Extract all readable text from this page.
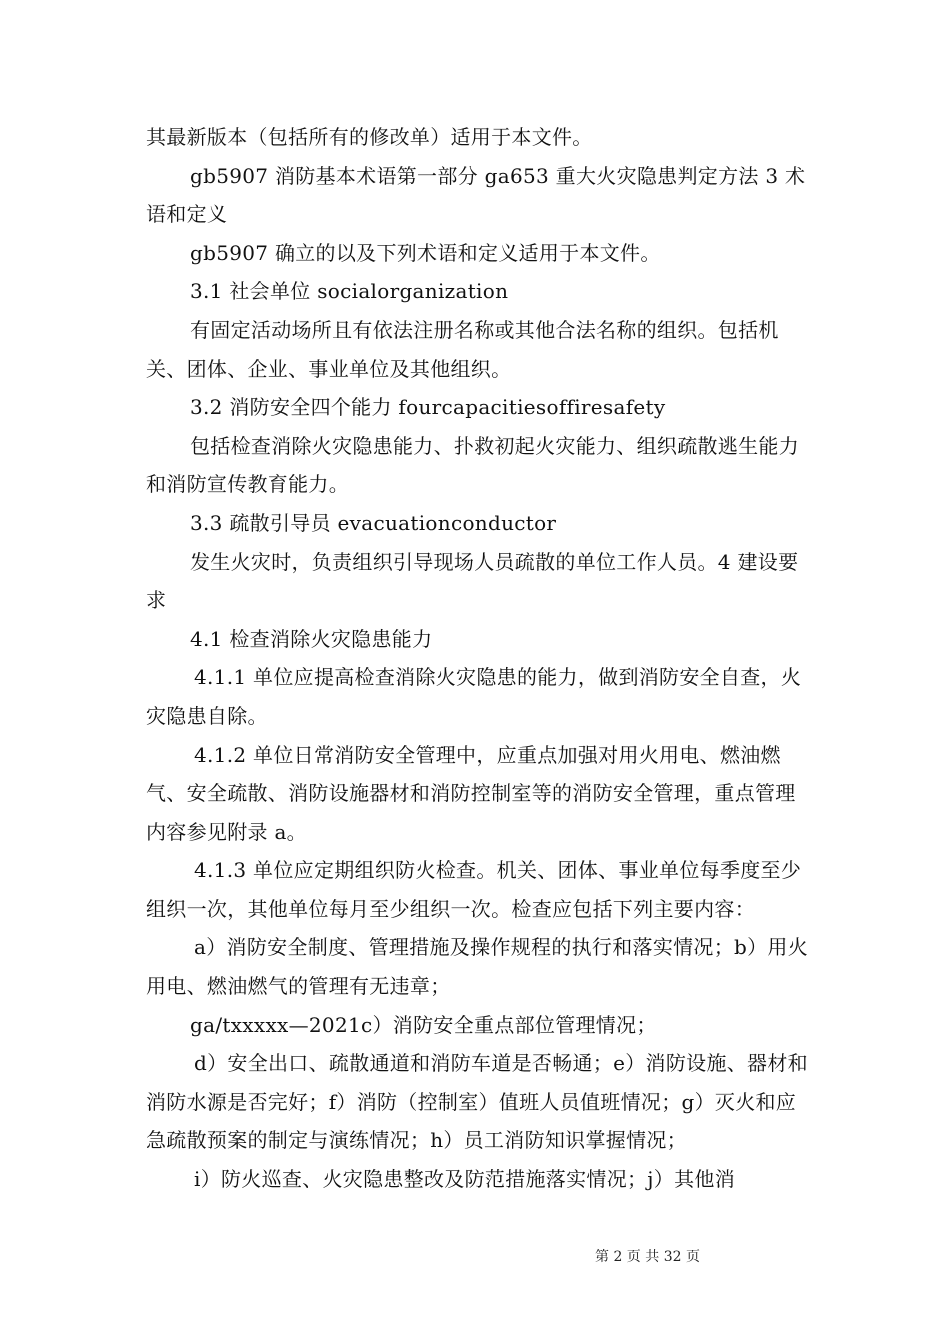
其最新版本（包括所有的修改单）适用于本文件。

gb5907 消防基本术语第一部分 ga653 重大火灾隐患判定方法 3 术语和定义

gb5907 确立的以及下列术语和定义适用于本文件。

3.1 社会单位 socialorganization

有固定活动场所且有依法注册名称或其他合法名称的组织。包括机关、团体、企业、事业单位及其他组织。

3.2 消防安全四个能力 fourcapacitiesoffiresafety

包括检查消除火灾隐患能力、扑救初起火灾能力、组织疏散逃生能力和消防宣传教育能力。

3.3 疏散引导员 evacuationconductor

发生火灾时，负责组织引导现场人员疏散的单位工作人员。4 建设要求

4.1 检查消除火灾隐患能力

4.1.1 单位应提高检查消除火灾隐患的能力，做到消防安全自查，火灾隐患自除。

4.1.2 单位日常消防安全管理中，应重点加强对用火用电、燃油燃气、安全疏散、消防设施器材和消防控制室等的消防安全管理，重点管理内容参见附录 a。

4.1.3 单位应定期组织防火检查。机关、团体、事业单位每季度至少组织一次，其他单位每月至少组织一次。检查应包括下列主要内容：

a）消防安全制度、管理措施及操作规程的执行和落实情况；b）用火用电、燃油燃气的管理有无违章；

ga/txxxxx—2021c）消防安全重点部位管理情况；

d）安全出口、疏散通道和消防车道是否畅通；e）消防设施、器材和消防水源是否完好；f）消防（控制室）值班人员值班情况；g）灭火和应急疏散预案的制定与演练情况；h）员工消防知识掌握情况；

i）防火巡查、火灾隐患整改及防范措施落实情况；j）其他消

第 2 页 共 32 页
